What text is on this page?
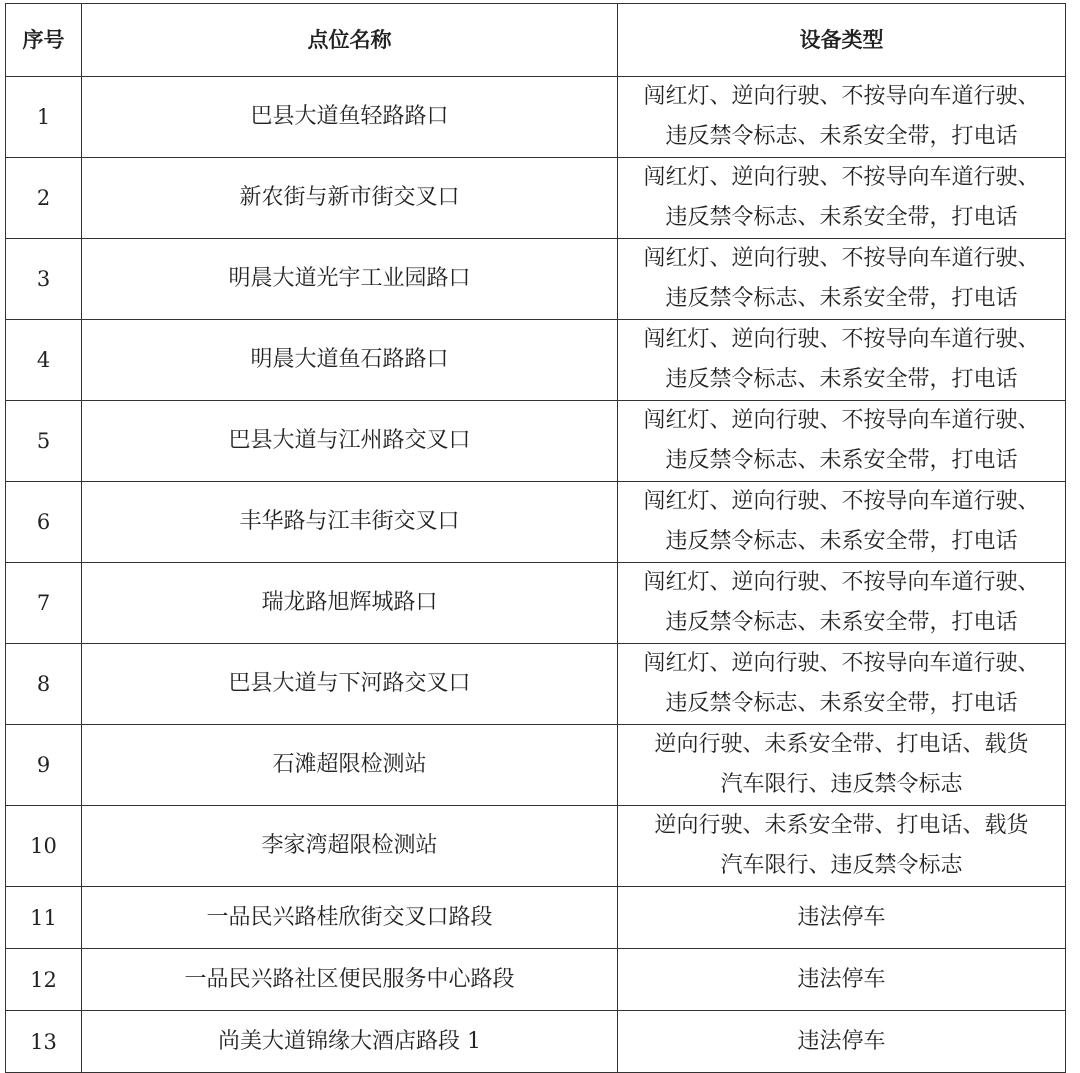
序号	点位名称	设备类型
1	巴县大道鱼轻路路口	闯红灯、逆向行驶、不按导向车道行驶、
违反禁令标志、未系安全带，打电话
2	新农街与新市街交叉口	闯红灯、逆向行驶、不按导向车道行驶、
违反禁令标志、未系安全带，打电话
3	明晨大道光宇工业园路口	闯红灯、逆向行驶、不按导向车道行驶、
违反禁令标志、未系安全带，打电话
4	明晨大道鱼石路路口	闯红灯、逆向行驶、不按导向车道行驶、
违反禁令标志、未系安全带，打电话
5	巴县大道与江州路交叉口	闯红灯、逆向行驶、不按导向车道行驶、
违反禁令标志、未系安全带，打电话
6	丰华路与江丰街交叉口	闯红灯、逆向行驶、不按导向车道行驶、
违反禁令标志、未系安全带，打电话
7	瑞龙路旭辉城路口	闯红灯、逆向行驶、不按导向车道行驶、
违反禁令标志、未系安全带，打电话
8	巴县大道与下河路交叉口	闯红灯、逆向行驶、不按导向车道行驶、
违反禁令标志、未系安全带，打电话
9	石滩超限检测站	逆向行驶、未系安全带、打电话、载货
汽车限行、违反禁令标志
10	李家湾超限检测站	逆向行驶、未系安全带、打电话、载货
汽车限行、违反禁令标志
11	一品民兴路桂欣街交叉口路段	违法停车
12	一品民兴路社区便民服务中心路段	违法停车
13	尚美大道锦缘大酒店路段 1	违法停车
